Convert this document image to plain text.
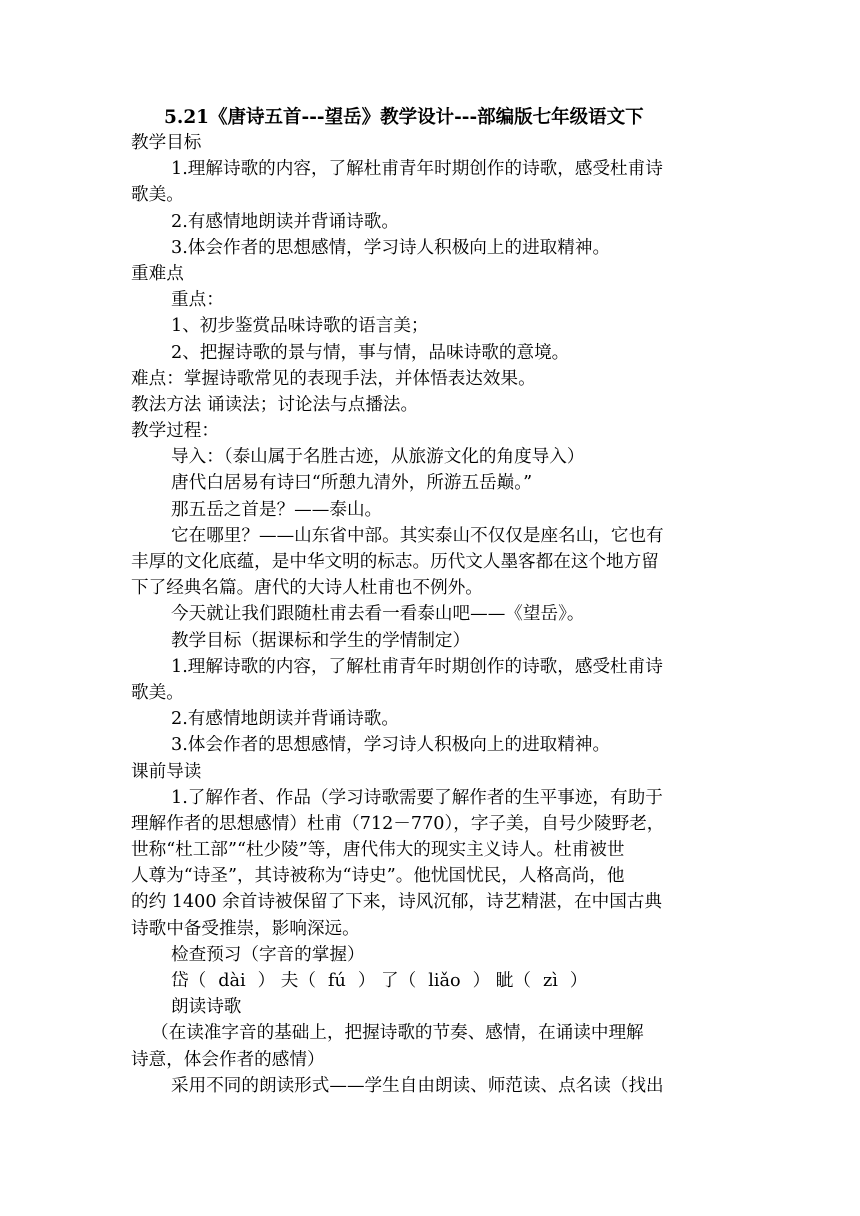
5.21《唐诗五首---望岳》教学设计---部编版七年级语文下
教学目标
1.理解诗歌的内容，了解杜甫青年时期创作的诗歌，感受杜甫诗
歌美。
2.有感情地朗读并背诵诗歌。
3.体会作者的思想感情，学习诗人积极向上的进取精神。
重难点
重点：
1、初步鉴赏品味诗歌的语言美；
2、把握诗歌的景与情，事与情，品味诗歌的意境。
难点：掌握诗歌常见的表现手法，并体悟表达效果。
教法方法 诵读法；讨论法与点播法。
教学过程：
导入：（泰山属于名胜古迹，从旅游文化的角度导入）
唐代白居易有诗曰“所憩九清外，所游五岳巅。”
那五岳之首是？——泰山。
它在哪里？——山东省中部。其实泰山不仅仅是座名山，它也有
丰厚的文化底蕴，是中华文明的标志。历代文人墨客都在这个地方留
下了经典名篇。唐代的大诗人杜甫也不例外。
今天就让我们跟随杜甫去看一看泰山吧——《望岳》。
教学目标（据课标和学生的学情制定）
1.理解诗歌的内容，了解杜甫青年时期创作的诗歌，感受杜甫诗
歌美。
2.有感情地朗读并背诵诗歌。
3.体会作者的思想感情，学习诗人积极向上的进取精神。
课前导读
1.了解作者、作品（学习诗歌需要了解作者的生平事迹，有助于
理解作者的思想感情）杜甫（712－770），字子美，自号少陵野老，
世称“杜工部”“杜少陵”等，唐代伟大的现实主义诗人。杜甫被世
人尊为“诗圣”，其诗被称为“诗史”。他忧国忧民，人格高尚，他
的约 1400 余首诗被保留了下来，诗风沉郁，诗艺精湛，在中国古典
诗歌中备受推崇，影响深远。
检查预习（字音的掌握）
岱（ dài ） 夫（ fú ） 了（ liǎo ） 眦（ zì ）
朗读诗歌
（在读准字音的基础上，把握诗歌的节奏、感情，在诵读中理解
诗意，体会作者的感情）
采用不同的朗读形式——学生自由朗读、师范读、点名读（找出
